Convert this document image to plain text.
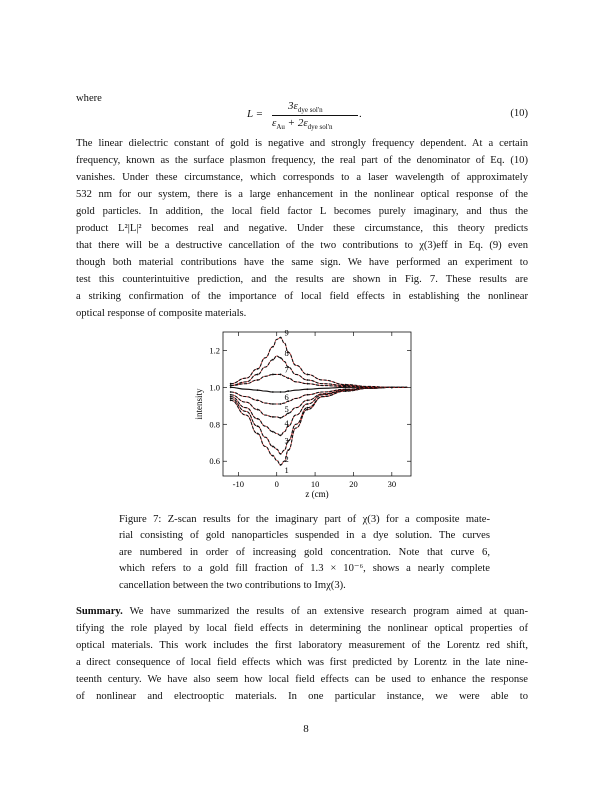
where
L =
$3\varepsilon_{dye sol'n}$
$\varepsilon_{Au} + 2\varepsilon_{dye sol'n}$
.	(10)
The linear dielectric constant of gold is negative and strongly frequency dependent. At a certain
frequency, known as the surface plasmon frequency, the real part of the denominator of Eq. (10)
vanishes. Under these circumstance, which corresponds to a laser wavelength of approximately
532 nm for our system, there is a large enhancement in the nonlinear optical response of the
gold particles. In addition, the local field factor L becomes purely imaginary, and thus the
product L²|L|² becomes real and negative. Under these circumstance, this theory predicts
that there will be a destructive cancellation of the two contributions to χ(3)eff in Eq. (9) even
though both material contributions have the same sign. We have performed an experiment to
test this counterintuitive prediction, and the results are shown in Fig. 7. These results are
a striking confirmation of the importance of local field effects in establishing the nonlinear
optical response of composite materials.
-10	0	10	20	30
0.6
0.8
1.0
1.2
1
2
3
4
5
6
7
8
9
z (cm)
intensity
Figure 7: Z-scan results for the imaginary part of χ(3) for a composite mate-
rial consisting of gold nanoparticles suspended in a dye solution. The curves
are numbered in order of increasing gold concentration. Note that curve 6,
which refers to a gold fill fraction of 1.3 × 10⁻⁶, shows a nearly complete
cancellation between the two contributions to Imχ(3).
Summary. We have summarized the results of an extensive research program aimed at quan-
tifying the role played by local field effects in determining the nonlinear optical properties of
optical materials. This work includes the first laboratory measurement of the Lorentz red shift,
a direct consequence of local field effects which was first predicted by Lorentz in the late nine-
teenth century. We have also seem how local field effects can be used to enhance the response
of nonlinear and electrooptic materials. In one particular instance, we were able to
8
